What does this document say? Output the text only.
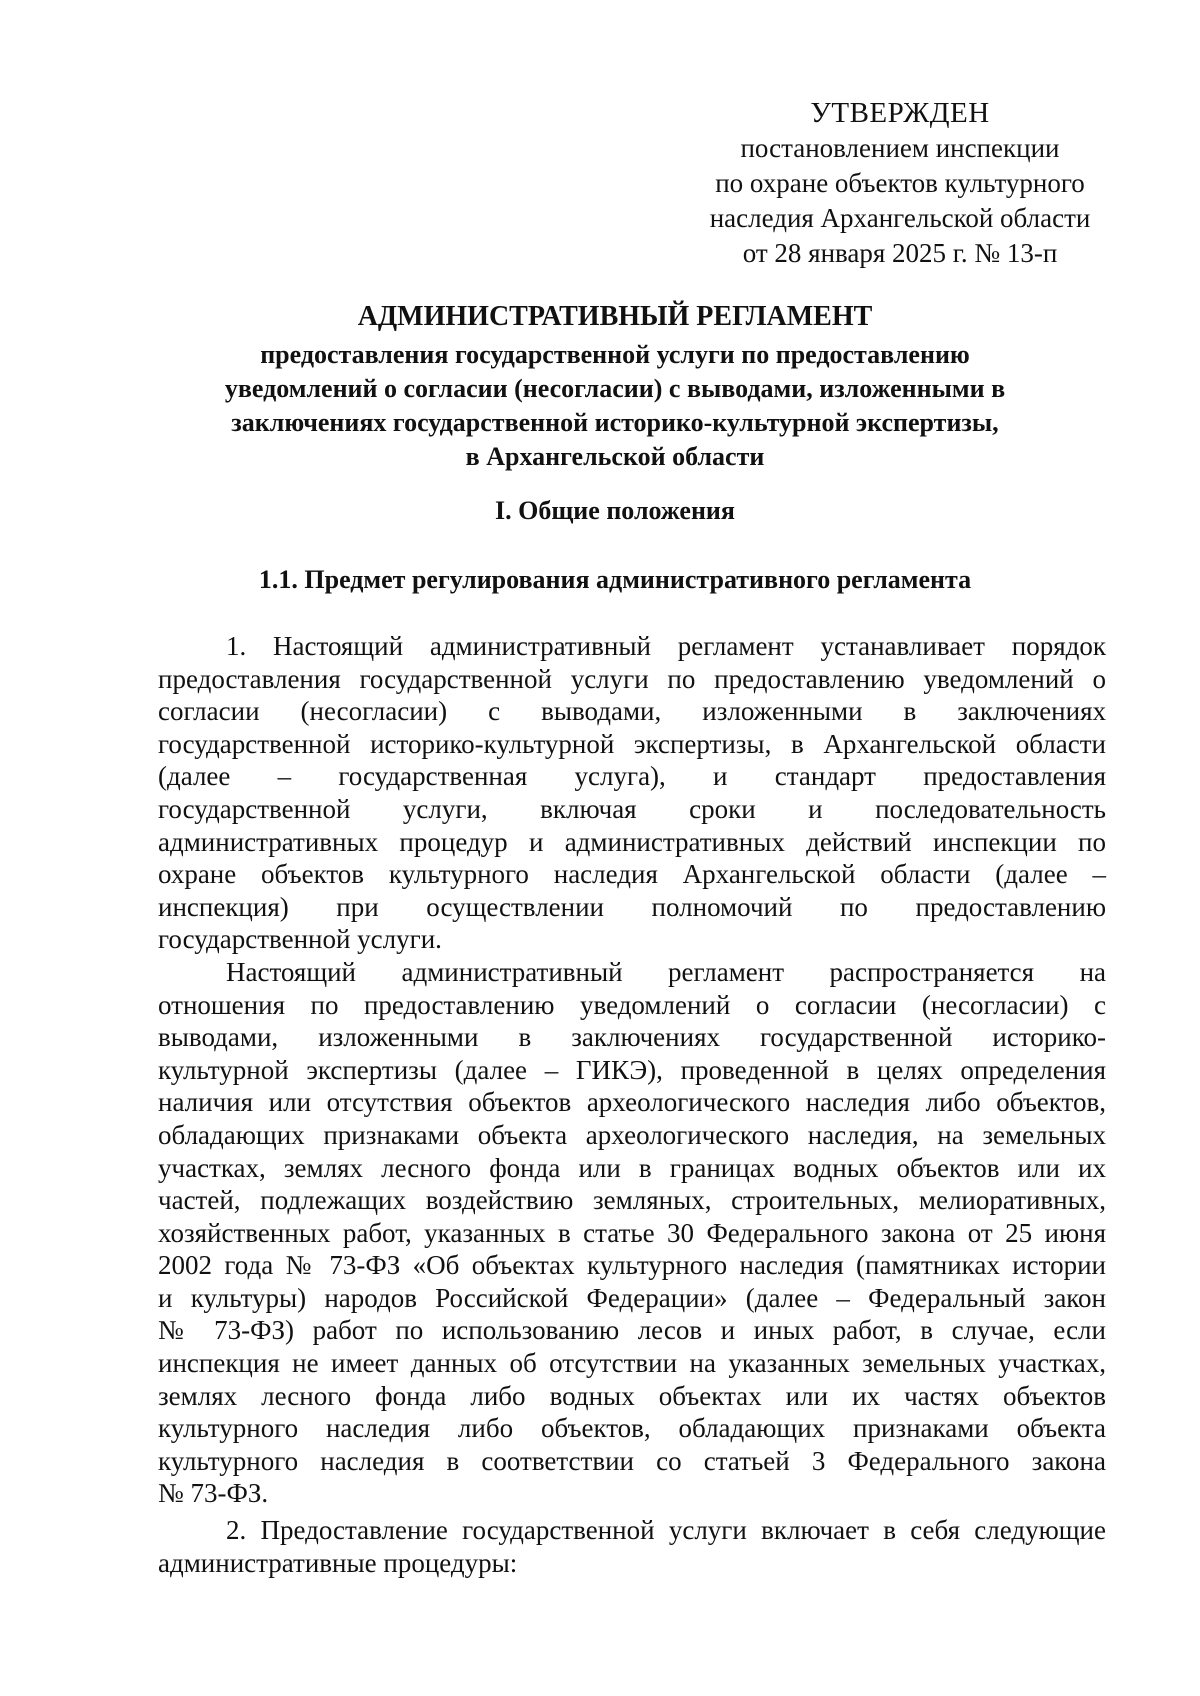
УТВЕРЖДЕН
постановлением инспекции
по охране объектов культурного
наследия Архангельской области
от 28 января 2025 г. № 13-п
АДМИНИСТРАТИВНЫЙ РЕГЛАМЕНТ
предоставления государственной услуги по предоставлению
уведомлений о согласии (несогласии) с выводами, изложенными в
заключениях государственной историко-культурной экспертизы,
в Архангельской области
I. Общие положения
1.1. Предмет регулирования административного регламента
1. Настоящий административный регламент устанавливает порядок
предоставления государственной услуги по предоставлению уведомлений о
согласии (несогласии) с выводами, изложенными в заключениях
государственной историко-культурной экспертизы, в Архангельской области
(далее – государственная услуга), и стандарт предоставления
государственной услуги, включая сроки и последовательность
административных процедур и административных действий инспекции по
охране объектов культурного наследия Архангельской области (далее –
инспекция) при осуществлении полномочий по предоставлению
государственной услуги.
Настоящий административный регламент распространяется на
отношения по предоставлению уведомлений о согласии (несогласии) с
выводами, изложенными в заключениях государственной историко-
культурной экспертизы (далее – ГИКЭ), проведенной в целях определения
наличия или отсутствия объектов археологического наследия либо объектов,
обладающих признаками объекта археологического наследия, на земельных
участках, землях лесного фонда или в границах водных объектов или их
частей, подлежащих воздействию земляных, строительных, мелиоративных,
хозяйственных работ, указанных в статье 30 Федерального закона от 25 июня
2002 года № 73-ФЗ «Об объектах культурного наследия (памятниках истории
и культуры) народов Российской Федерации» (далее – Федеральный закон
№ 73-ФЗ) работ по использованию лесов и иных работ, в случае, если
инспекция не имеет данных об отсутствии на указанных земельных участках,
землях лесного фонда либо водных объектах или их частях объектов
культурного наследия либо объектов, обладающих признаками объекта
культурного наследия в соответствии со статьей 3 Федерального закона
№ 73-ФЗ.
2. Предоставление государственной услуги включает в себя следующие
административные процедуры:
